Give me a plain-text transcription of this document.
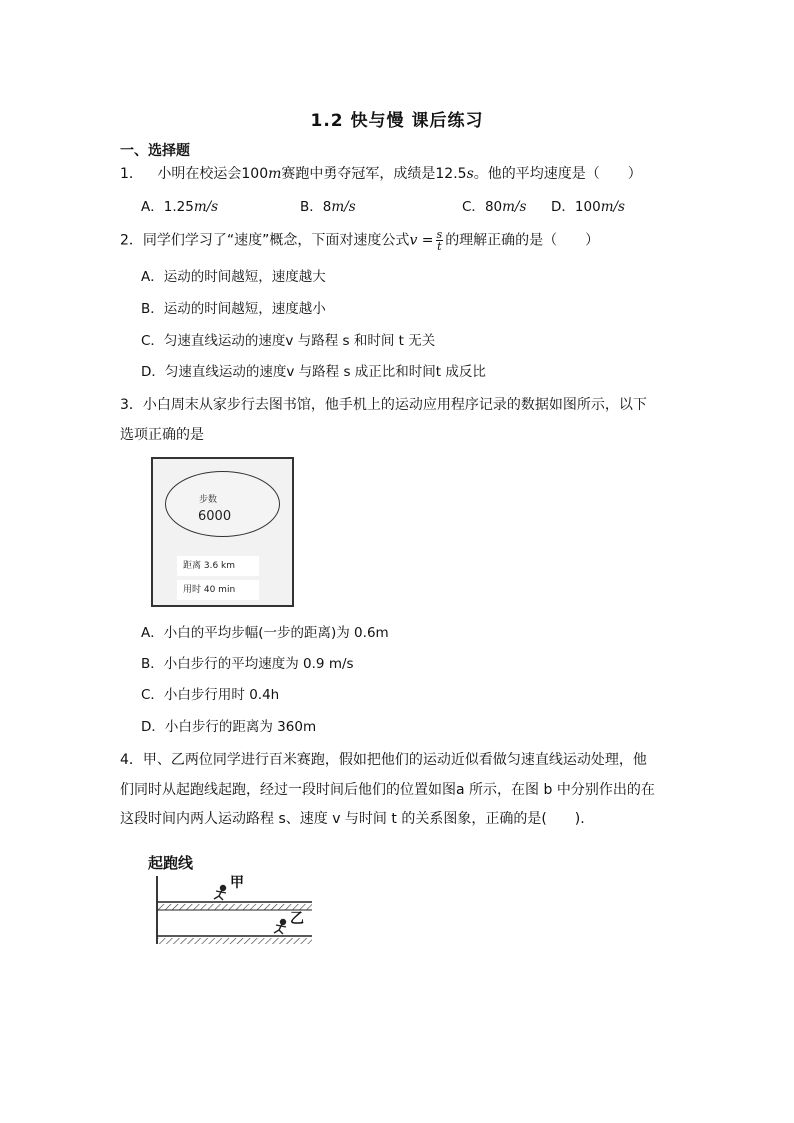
1.2 快与慢 课后练习
一、选择题
1． 小明在校运会100m赛跑中勇夺冠军，成绩是12.5s。他的平均速度是（　　）
A．1.25m/s	B．8m/s	C．80m/s D．100m/s
2．同学们学习了“速度”概念，下面对速度公式$v = \frac{s}{t}$ 的理解正确的是（　　）
A．运动的时间越短，速度越大
B．运动的时间越短，速度越小
C．匀速直线运动的速度v 与路程 s 和时间 t 无关
D．匀速直线运动的速度v 与路程 s 成正比和时间t 成反比
3．小白周末从家步行去图书馆，他手机上的运动应用程序记录的数据如图所示，以下
选项正确的是
步数
6000
距离 3.6 km
用时 40 min
A．小白的平均步幅(一步的距离)为 0.6m
B．小白步行的平均速度为 0.9 m/s
C．小白步行用时 0.4h
D．小白步行的距离为 360m
4．甲、乙两位同学进行百米赛跑，假如把他们的运动近似看做匀速直线运动处理，他
们同时从起跑线起跑，经过一段时间后他们的位置如图a 所示，在图 b 中分别作出的在
这段时间内两人运动路程 s、速度 v 与时间 t 的关系图象，正确的是(　　).
起跑线
甲
乙
